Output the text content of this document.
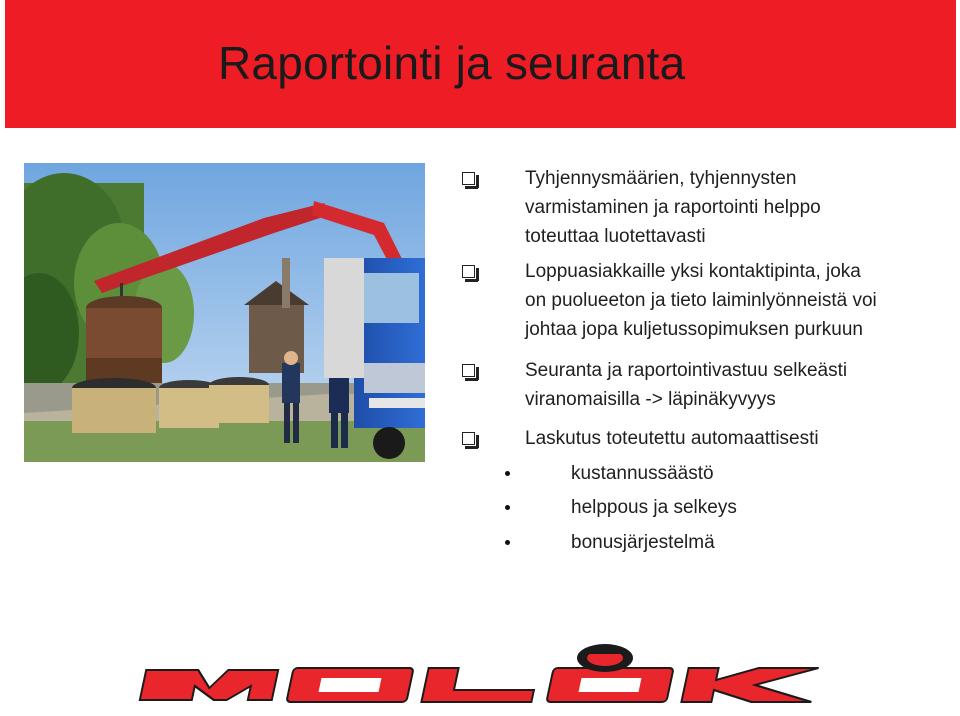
Raportointi ja seuranta
Tyhjennysmäärien, tyhjennysten
varmistaminen ja raportointi helppo
toteuttaa luotettavasti
Loppuasiakkaille yksi kontaktipinta, joka
on puolueeton ja tieto laiminlyönneistä voi
johtaa jopa kuljetussopimuksen purkuun
Seuranta ja raportointivastuu selkeästi
viranomaisilla -> läpinäkyvyys
Laskutus toteutettu automaattisesti
kustannussäästö
helppous ja selkeys
bonusjärjestelmä
